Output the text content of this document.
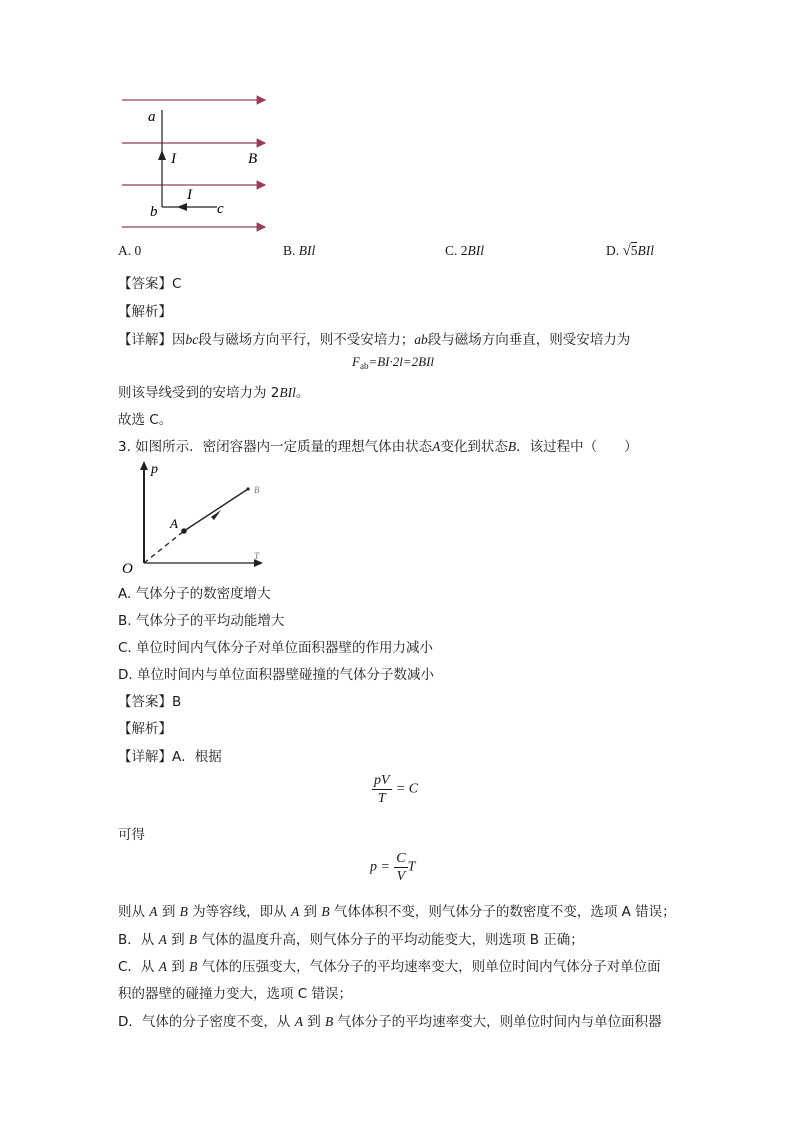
a
I	B
I
b	c
A. 0	B. BIl	C. 2BIl	D. √5BIl
【答案】C
【解析】
【详解】因bc段与磁场方向平行，则不受安培力；ab段与磁场方向垂直，则受安培力为
$F_{ab}=BI\cdot 2l=2BIl$
则该导线受到的安培力为 2BIl。
故选 C。
3. 如图所示．密闭容器内一定质量的理想气体由状态A变化到状态B．该过程中（　　）
p
A
B
O
T
A. 气体分子的数密度增大
B. 气体分子的平均动能增大
C. 单位时间内气体分子对单位面积器壁的作用力减小
D. 单位时间内与单位面积器壁碰撞的气体分子数减小
【答案】B
【解析】
【详解】A．根据
$\frac{pV}{T} = C$
可得
$p = \frac{C}{V}$ T
则从 A 到 B 为等容线，即从 A 到 B 气体体积不变，则气体分子的数密度不变，选项 A 错误；
B．从 A 到 B 气体的温度升高，则气体分子的平均动能变大，则选项 B 正确；
C．从 A 到 B 气体的压强变大，气体分子的平均速率变大，则单位时间内气体分子对单位面
积的器壁的碰撞力变大，选项 C 错误；
D．气体的分子密度不变，从 A 到 B 气体分子的平均速率变大，则单位时间内与单位面积器
